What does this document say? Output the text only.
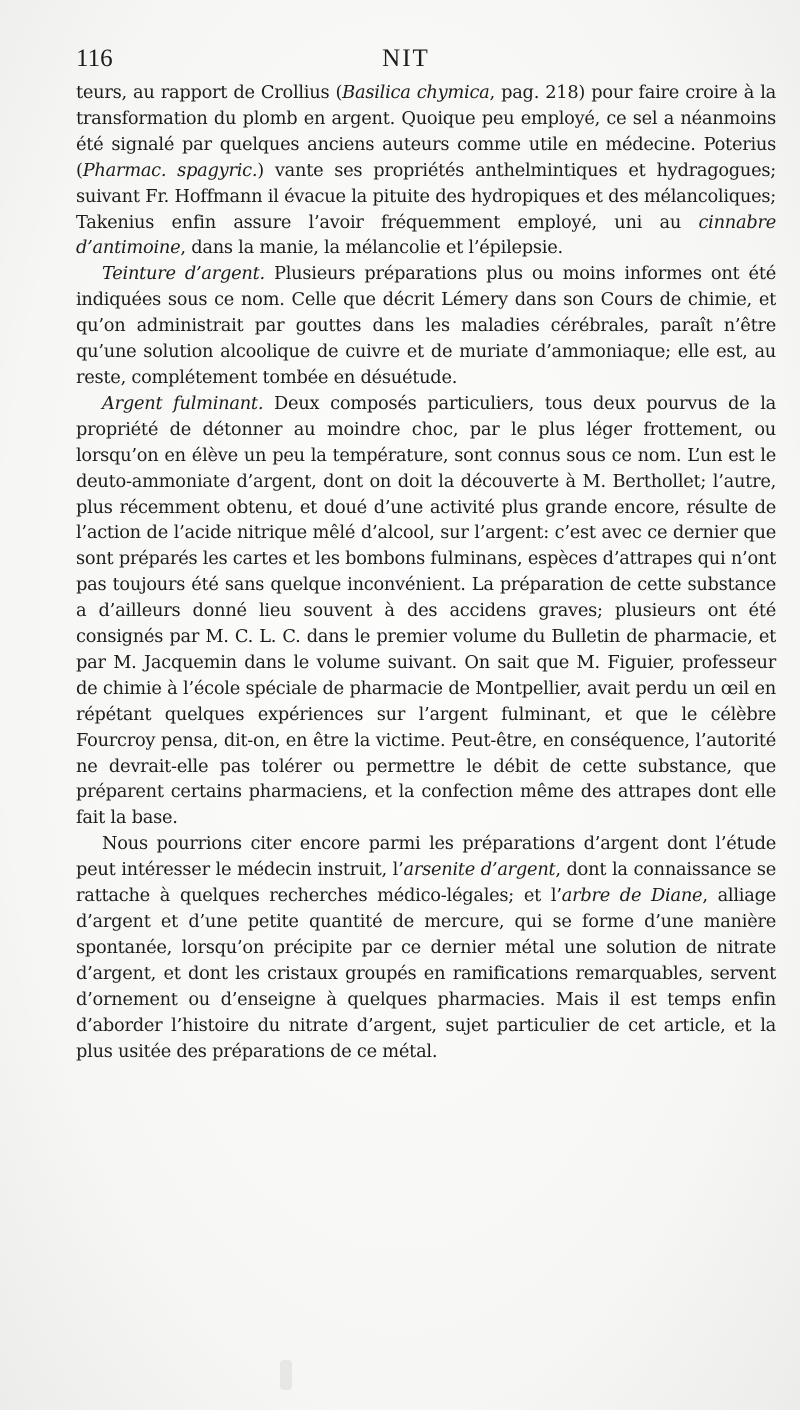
116	NIT

teurs, au rapport de Crollius (Basilica chymica, pag. 218) pour faire croire à la transformation du plomb en argent. Quoique peu employé, ce sel a néanmoins été signalé par quelques anciens auteurs comme utile en médecine. Poterius (Pharmac. spagyric.) vante ses propriétés anthelmintiques et hydragogues; suivant Fr. Hoffmann il évacue la pituite des hydropiques et des mélancoliques; Takenius enfin assure l’avoir fréquemment employé, uni au cinnabre d’antimoine, dans la manie, la mélancolie et l’épilepsie.

Teinture d’argent. Plusieurs préparations plus ou moins informes ont été indiquées sous ce nom. Celle que décrit Lémery dans son Cours de chimie, et qu’on administrait par gouttes dans les maladies cérébrales, paraît n’être qu’une solution alcoolique de cuivre et de muriate d’ammoniaque; elle est, au reste, complétement tombée en désuétude.

Argent fulminant. Deux composés particuliers, tous deux pourvus de la propriété de détonner au moindre choc, par le plus léger frottement, ou lorsqu’on en élève un peu la température, sont connus sous ce nom. L’un est le deuto-ammoniate d’argent, dont on doit la découverte à M. Berthollet; l’autre, plus récemment obtenu, et doué d’une activité plus grande encore, résulte de l’action de l’acide nitrique mêlé d’alcool, sur l’argent: c’est avec ce dernier que sont préparés les cartes et les bombons fulminans, espèces d’attrapes qui n’ont pas toujours été sans quelque inconvénient. La préparation de cette substance a d’ailleurs donné lieu souvent à des accidens graves; plusieurs ont été consignés par M. C. L. C. dans le premier volume du Bulletin de pharmacie, et par M. Jacquemin dans le volume suivant. On sait que M. Figuier, professeur de chimie à l’école spéciale de pharmacie de Montpellier, avait perdu un œil en répétant quelques expériences sur l’argent fulminant, et que le célèbre Fourcroy pensa, dit-on, en être la victime. Peut-être, en conséquence, l’autorité ne devrait-elle pas tolérer ou permettre le débit de cette substance, que préparent certains pharmaciens, et la confection même des attrapes dont elle fait la base.

Nous pourrions citer encore parmi les préparations d’argent dont l’étude peut intéresser le médecin instruit, l’arsenite d’argent, dont la connaissance se rattache à quelques recherches médico-légales; et l’arbre de Diane, alliage d’argent et d’une petite quantité de mercure, qui se forme d’une manière spontanée, lorsqu’on précipite par ce dernier métal une solution de nitrate d’argent, et dont les cristaux groupés en ramifications remarquables, servent d’ornement ou d’enseigne à quelques pharmacies. Mais il est temps enfin d’aborder l’histoire du nitrate d’argent, sujet particulier de cet article, et la plus usitée des préparations de ce métal.
